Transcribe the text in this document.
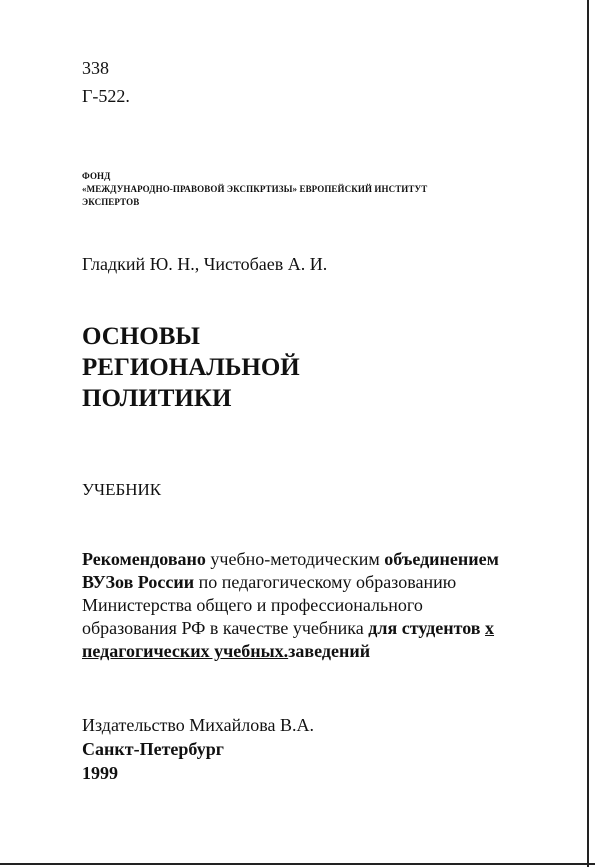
338
Г-522.
ФОНД
«МЕЖДУНАРОДНО-ПРАВОВОЙ ЭКСПКРТИЗЫ» ЕВРОПЕЙСКИЙ ИНСТИТУТ
ЭКСПЕРТОВ
Гладкий Ю. Н., Чистобаев А. И.
ОСНОВЫ
РЕГИОНАЛЬНОЙ
ПОЛИТИКИ
УЧЕБНИК
Рекомендовано учебно-методическим объединением
ВУЗов России по педагогическому образованию
Министерства общего и профессионального
образования РФ в качестве учебника для студентов х
педагогических учебных.заведений
Издательство Михайлова В.А.
Санкт-Петербург
1999
